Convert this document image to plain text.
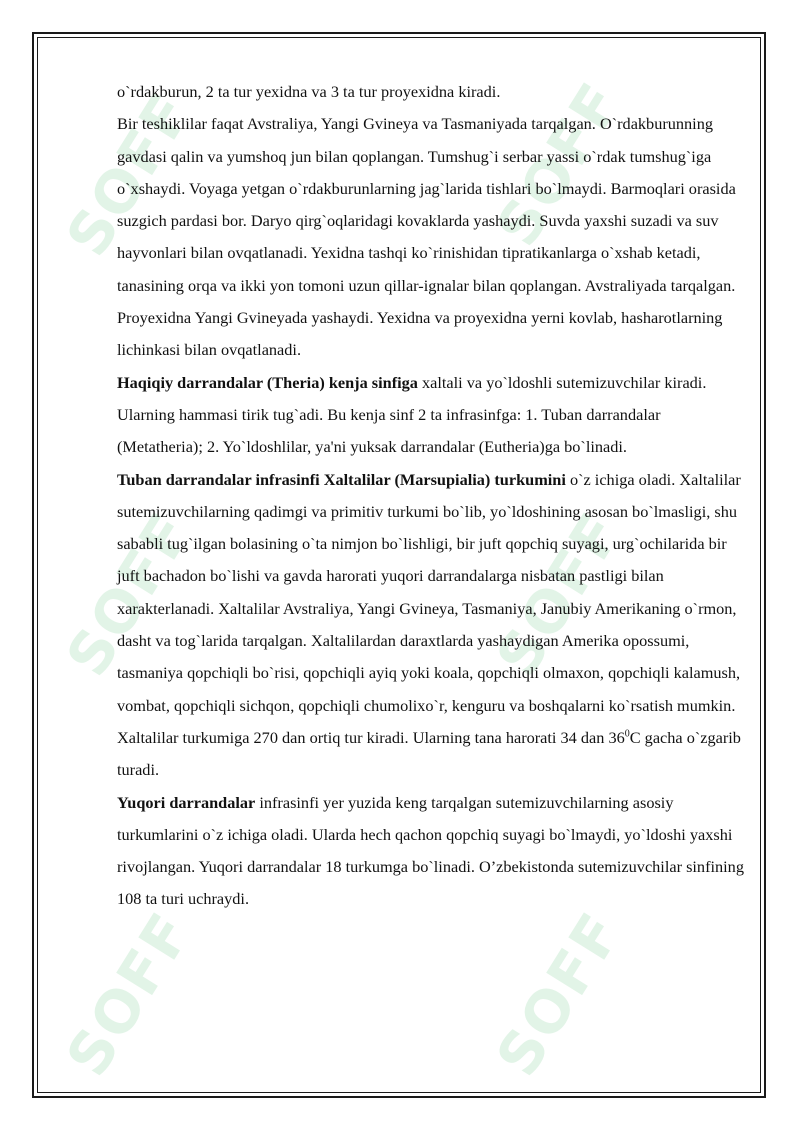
SOFF	SOFF
SOFF	SOFF
SOFF	SOFF

o`rdakburun, 2 ta tur yexidna va 3 ta tur proyexidna kiradi.

Bir teshiklilar faqat Avstraliya, Yangi Gvineya va Tasmaniyada tarqalgan. O`rdakburunning gavdasi qalin va yumshoq jun bilan qoplangan. Tumshug`i serbar yassi o`rdak tumshug`iga o`xshaydi. Voyaga yetgan o`rdakburunlarning jag`larida tishlari bo`lmaydi. Barmoqlari orasida suzgich pardasi bor. Daryo qirg`oqlaridagi kovaklarda yashaydi. Suvda yaxshi suzadi va suv hayvonlari bilan ovqatlanadi. Yexidna tashqi ko`rinishidan tipratikanlarga o`xshab ketadi, tanasining orqa va ikki yon tomoni uzun qillar-ignalar bilan qoplangan. Avstraliyada tarqalgan. Proyexidna Yangi Gvineyada yashaydi. Yexidna va proyexidna yerni kovlab, hasharotlarning lichinkasi bilan ovqatlanadi.

Haqiqiy darrandalar (Theria) kenja sinfiga xaltali va yo`ldoshli sutemizuvchilar kiradi. Ularning hammasi tirik tug`adi. Bu kenja sinf 2 ta infrasinfga: 1. Tuban darrandalar (Metatheria); 2. Yo`ldoshlilar, ya'ni yuksak darrandalar (Eutheria)ga bo`linadi.

Tuban darrandalar infrasinfi Xaltalilar (Marsupialia) turkumini o`z ichiga oladi. Xaltalilar sutemizuvchilarning qadimgi va primitiv turkumi bo`lib, yo`ldoshining asosan bo`lmasligi, shu sababli tug`ilgan bolasining o`ta nimjon bo`lishligi, bir juft qopchiq suyagi, urg`ochilarida bir juft bachadon bo`lishi va gavda harorati yuqori darrandalarga nisbatan pastligi bilan xarakterlanadi. Xaltalilar Avstraliya, Yangi Gvineya, Tasmaniya, Janubiy Amerikaning o`rmon, dasht va tog`larida tarqalgan. Xaltalilardan daraxtlarda yashaydigan Amerika opossumi, tasmaniya qopchiqli bo`risi, qopchiqli ayiq yoki koala, qopchiqli olmaxon, qopchiqli kalamush, vombat, qopchiqli sichqon, qopchiqli chumolixo`r, kenguru va boshqalarni ko`rsatish mumkin. Xaltalilar turkumiga 270 dan ortiq tur kiradi. Ularning tana harorati 34 dan $36^0C$ gacha o`zgarib turadi.

Yuqori darrandalar infrasinfi yer yuzida keng tarqalgan sutemizuvchilarning asosiy turkumlarini o`z ichiga oladi. Ularda hech qachon qopchiq suyagi bo`lmaydi, yo`ldoshi yaxshi rivojlangan. Yuqori darrandalar 18 turkumga bo`linadi. O’zbekistonda sutemizuvchilar sinfining 108 ta turi uchraydi.
